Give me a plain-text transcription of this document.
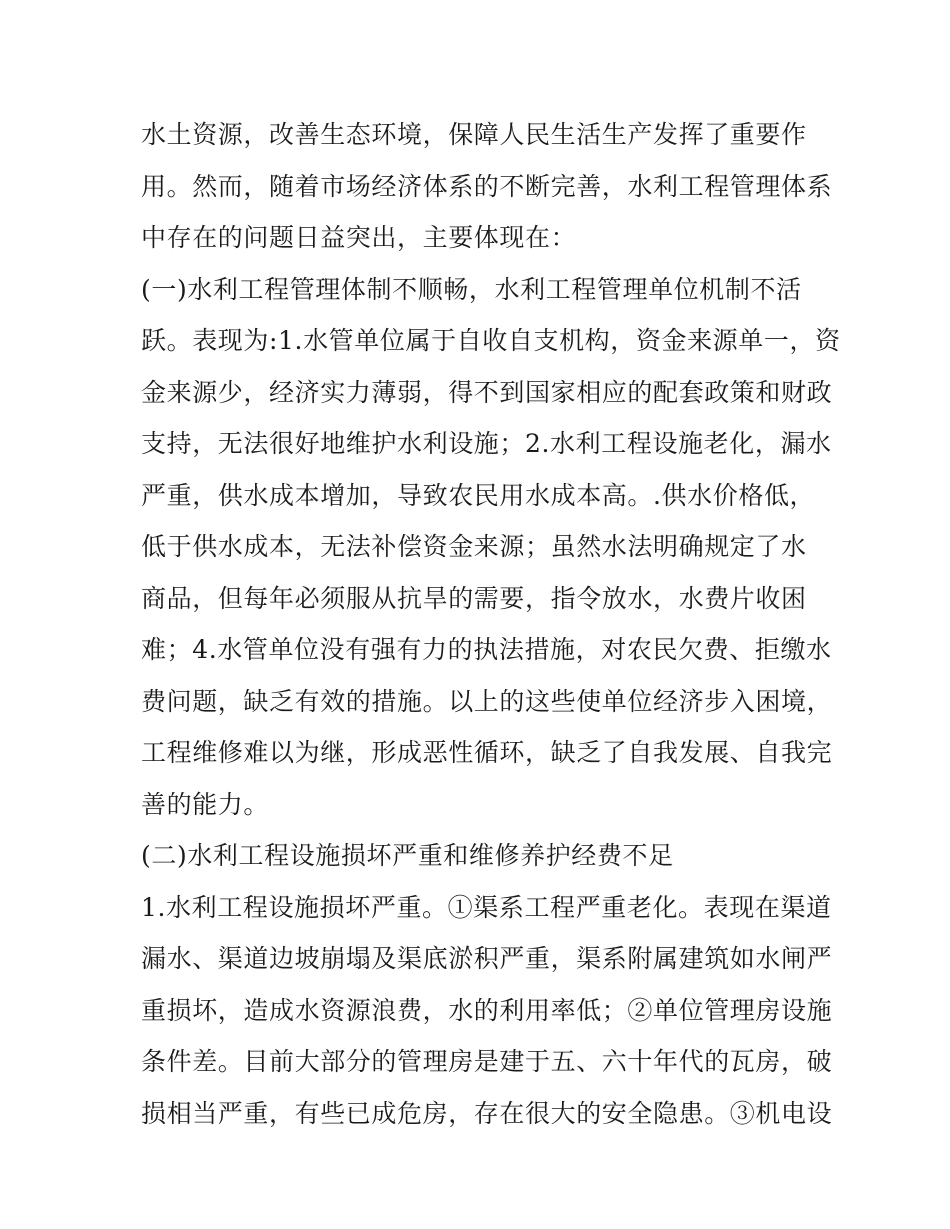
水土资源，改善生态环境，保障人民生活生产发挥了重要作
用。然而，随着市场经济体系的不断完善，水利工程管理体系
中存在的问题日益突出，主要体现在：
(一)水利工程管理体制不顺畅，水利工程管理单位机制不活
跃。表现为:1.水管单位属于自收自支机构，资金来源单一，资
金来源少，经济实力薄弱，得不到国家相应的配套政策和财政
支持，无法很好地维护水利设施；2.水利工程设施老化，漏水
严重，供水成本增加，导致农民用水成本高。.供水价格低，
低于供水成本，无法补偿资金来源；虽然水法明确规定了水
商品，但每年必须服从抗旱的需要，指令放水，水费片收困
难；4.水管单位没有强有力的执法措施，对农民欠费、拒缴水
费问题，缺乏有效的措施。以上的这些使单位经济步入困境，
工程维修难以为继，形成恶性循环，缺乏了自我发展、自我完
善的能力。
(二)水利工程设施损坏严重和维修养护经费不足
1.水利工程设施损坏严重。①渠系工程严重老化。表现在渠道
漏水、渠道边坡崩塌及渠底淤积严重，渠系附属建筑如水闸严
重损坏，造成水资源浪费，水的利用率低；②单位管理房设施
条件差。目前大部分的管理房是建于五、六十年代的瓦房，破
损相当严重，有些已成危房，存在很大的安全隐患。③机电设
